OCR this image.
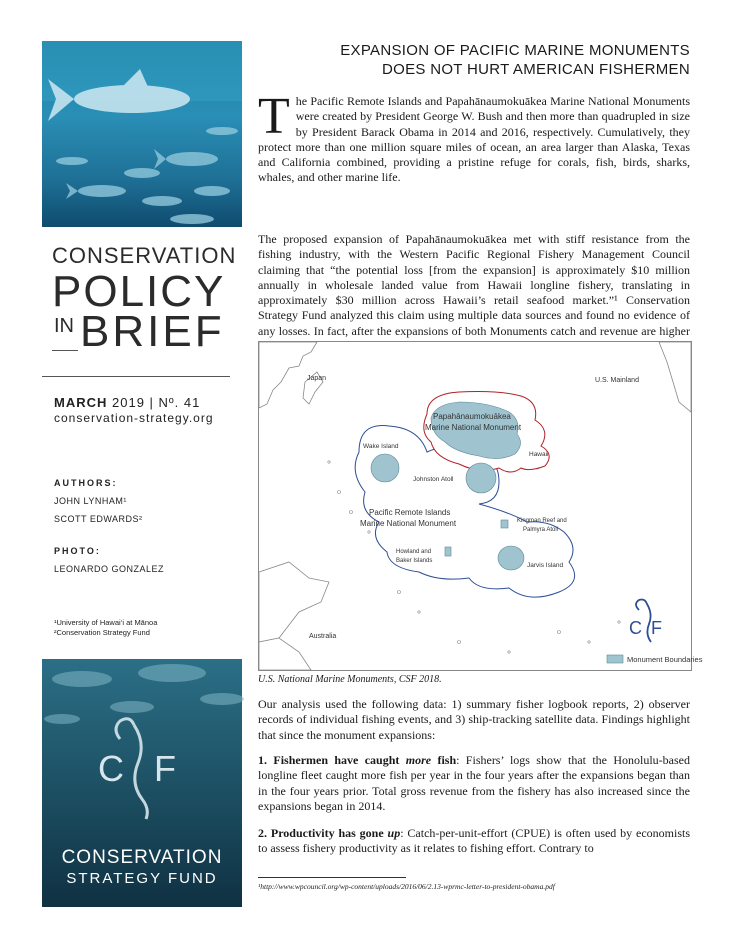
CONSERVATION
POLICY
IN BRIEF
MARCH 2019 | Nº. 41
conservation-strategy.org
AUTHORS:
JOHN LYNHAM¹
SCOTT EDWARDS²
PHOTO:
LEONARDO GONZALEZ
¹University of Hawai‘i at Mānoa
²Conservation Strategy Fund
C F
CONSERVATION
STRATEGY FUND
EXPANSION OF PACIFIC MARINE MONUMENTS
DOES NOT HURT AMERICAN FISHERMEN
The Pacific Remote Islands and Papahānaumokuākea Marine National Monuments were created by President George W. Bush and then more than quadrupled in size by President Barack Obama in 2014 and 2016, respectively. Cumulatively, they protect more than one million square miles of ocean, an area larger than Alaska, Texas and California combined, providing a pristine refuge for corals, fish, birds, sharks, whales, and other marine life.
The proposed expansion of Papahānaumokuākea met with stiff resistance from the fishing industry, with the Western Pacific Regional Fishery Management Council claiming that “the potential loss [from the expansion] is approximately $10 million annually in wholesale landed value from Hawaii longline fishery, translating in approximately $30 million across Hawaii’s retail seafood market.”¹ Conservation Strategy Fund analyzed this claim using multiple data sources and found no evidence of any losses. In fact, after the expansions of both Monuments catch and revenue are higher
U.S. Mainland
Japan
Papahānaumokuākea
Marine National Monument
Hawaii
Wake Island
Johnston Atoll
Pacific Remote Islands
Marine National Monument	Kingman Reef and
Palmyra Atoll
Howland and
Baker Islands
Jarvis Island
Australia	C F
Monument Boundaries
U.S. National Marine Monuments, CSF 2018.
Our analysis used the following data: 1) summary fisher logbook reports, 2) observer records of individual fishing events, and 3) ship-tracking satellite data. Findings highlight that since the monument expansions:
1. Fishermen have caught more fish: Fishers’ logs show that the Honolulu-based longline fleet caught more fish per year in the four years after the expansions began than in the four years prior. Total gross revenue from the fishery has also increased since the expansions began in 2014.
2. Productivity has gone up: Catch-per-unit-effort (CPUE) is often used by economists to assess fishery productivity as it relates to fishing effort. Contrary to
¹http://www.wpcouncil.org/wp-content/uploads/2016/06/2.13-wprmc-letter-to-president-obama.pdf
